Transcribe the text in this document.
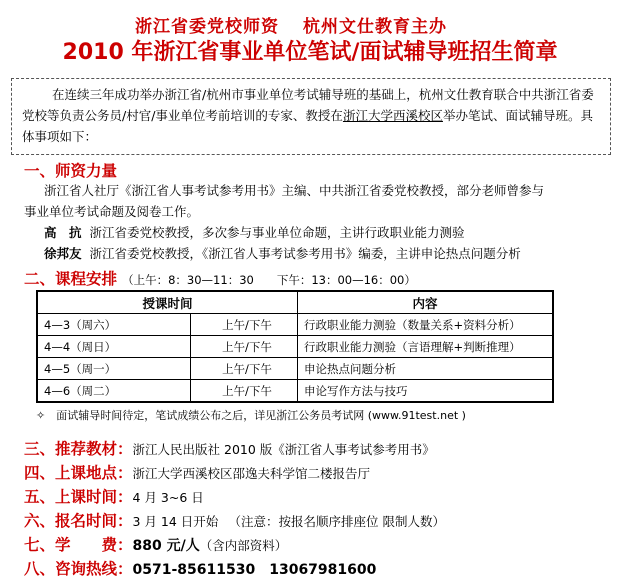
浙江省委党校师资 杭州文仕教育主办
2010 年浙江省事业单位笔试/面试辅导班招生简章

在连续三年成功举办浙江省/杭州市事业单位考试辅导班的基础上，杭州文仕教育联合中共浙江省委党校等负责公务员/村官/事业单位考前培训的专家、教授在浙江大学西溪校区举办笔试、面试辅导班。具体事项如下：

一、师资力量
浙江省人社厅《浙江省人事考试参考用书》主编、中共浙江省委党校教授，部分老师曾参与
事业单位考试命题及阅卷工作。
高　抗 浙江省委党校教授，多次参与事业单位命题，主讲行政职业能力测验
徐邦友 浙江省委党校教授，《浙江省人事考试参考用书》编委，主讲申论热点问题分析
二、课程安排 （上午：8：30—11：30　　下午：13：00—16：00）
授课时间		内容
4—3（周六）	上午/下午	行政职业能力测验（数量关系+资料分析）
4—4（周日）	上午/下午	行政职业能力测验（言语理解+判断推理）
4—5（周一）	上午/下午	申论热点问题分析
4—6（周二）	上午/下午	申论写作方法与技巧
✧　面试辅导时间待定，笔试成绩公布之后，详见浙江公务员考试网 (www.91test.net )
三、推荐教材：浙江人民出版社 2010 版《浙江省人事考试参考用书》
四、上课地点：浙江大学西溪校区邵逸夫科学馆二楼报告厅
五、上课时间：4 月 3~6 日
六、报名时间：3 月 14 日开始 （注意：按报名顺序排座位 限制人数）
七、学　　费：880 元/人（含内部资料）
八、咨询热线：0571-85611530　13067981600
